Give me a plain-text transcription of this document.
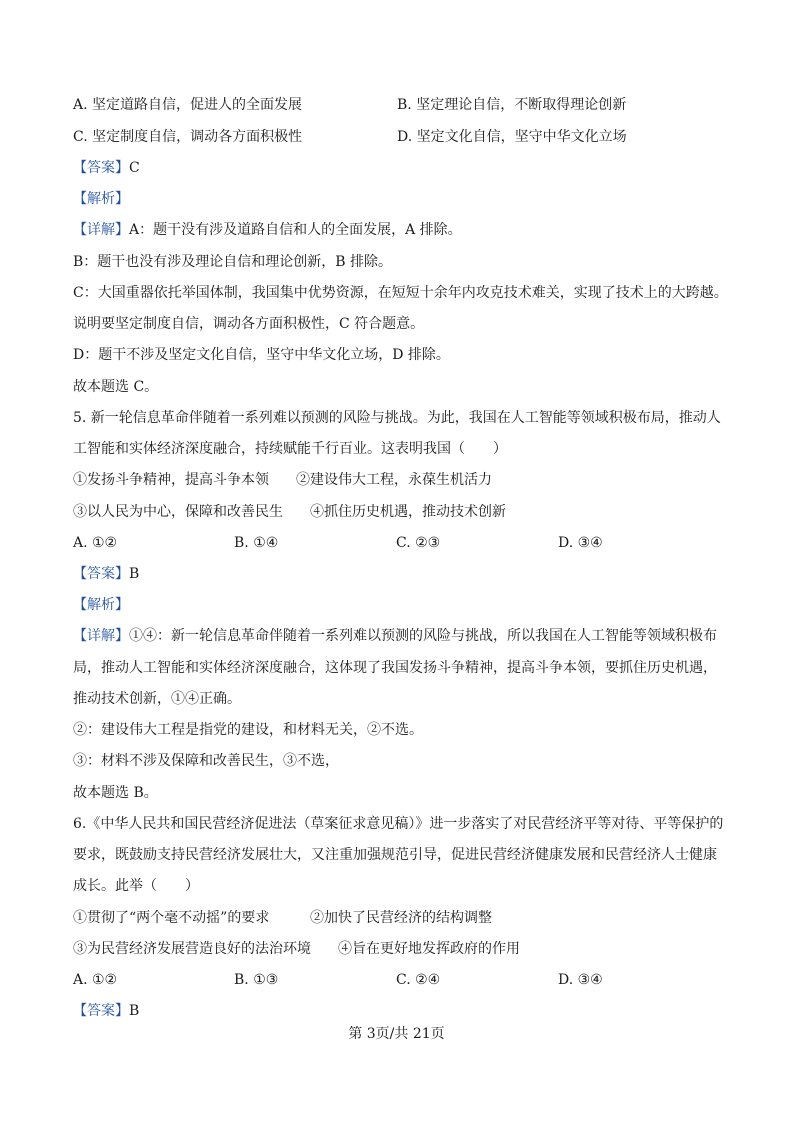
A. 坚定道路自信，促进人的全面发展	B. 坚定理论自信，不断取得理论创新
C. 坚定制度自信，调动各方面积极性	D. 坚定文化自信，坚守中华文化立场
【答案】C
【解析】
【详解】A：题干没有涉及道路自信和人的全面发展，A 排除。
B：题干也没有涉及理论自信和理论创新，B 排除。
C：大国重器依托举国体制，我国集中优势资源，在短短十余年内攻克技术难关，实现了技术上的大跨越。
说明要坚定制度自信，调动各方面积极性，C 符合题意。
D：题干不涉及坚定文化自信，坚守中华文化立场，D 排除。
故本题选 C。
5. 新一轮信息革命伴随着一系列难以预测的风险与挑战。为此，我国在人工智能等领域积极布局，推动人
工智能和实体经济深度融合，持续赋能千行百业。这表明我国（　　）
①发扬斗争精神，提高斗争本领 ②建设伟大工程，永葆生机活力
③以人民为中心，保障和改善民生 ④抓住历史机遇，推动技术创新
A. ①②	B. ①④	C. ②③	D. ③④
【答案】B
【解析】
【详解】①④：新一轮信息革命伴随着一系列难以预测的风险与挑战，所以我国在人工智能等领域积极布
局，推动人工智能和实体经济深度融合，这体现了我国发扬斗争精神，提高斗争本领，要抓住历史机遇，
推动技术创新，①④正确。
②：建设伟大工程是指党的建设，和材料无关，②不选。
③：材料不涉及保障和改善民生，③不选，
故本题选 B。
6.《中华人民共和国民营经济促进法（草案征求意见稿）》进一步落实了对民营经济平等对待、平等保护的
要求，既鼓励支持民营经济发展壮大，又注重加强规范引导，促进民营经济健康发展和民营经济人士健康
成长。此举（　　）
①贯彻了“两个毫不动摇”的要求	②加快了民营经济的结构调整
③为民营经济发展营造良好的法治环境 ④旨在更好地发挥政府的作用
A. ①②	B. ①③	C. ②④	D. ③④
【答案】B
第 3页/共 21页
